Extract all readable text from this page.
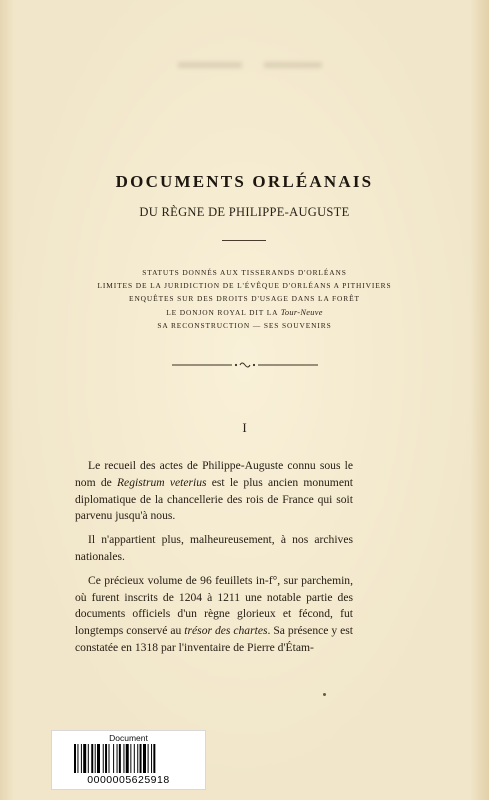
DOCUMENTS ORLÉANAIS
DU RÈGNE DE PHILIPPE-AUGUSTE
STATUTS DONNÉS AUX TISSERANDS D'ORLÉANS
LIMITES DE LA JURIDICTION DE L'ÉVÊQUE D'ORLÉANS A PITHIVIERS
ENQUÊTES SUR DES DROITS D'USAGE DANS LA FORÊT
LE DONJON ROYAL DIT LA Tour-Neuve
SA RECONSTRUCTION — SES SOUVENIRS
I

Le recueil des actes de Philippe-Auguste connu sous le nom de Registrum veterius est le plus ancien monument diplomatique de la chancellerie des rois de France qui soit parvenu jusqu'à nous.

Il n'appartient plus, malheureusement, à nos archives nationales.

Ce précieux volume de 96 feuillets in-f°, sur parchemin, où furent inscrits de 1204 à 1211 une notable partie des documents officiels d'un règne glorieux et fécond, fut longtemps conservé au trésor des chartes. Sa présence y est constatée en 1318 par l'inventaire de Pierre d'Étam-

Document
0000005625918
